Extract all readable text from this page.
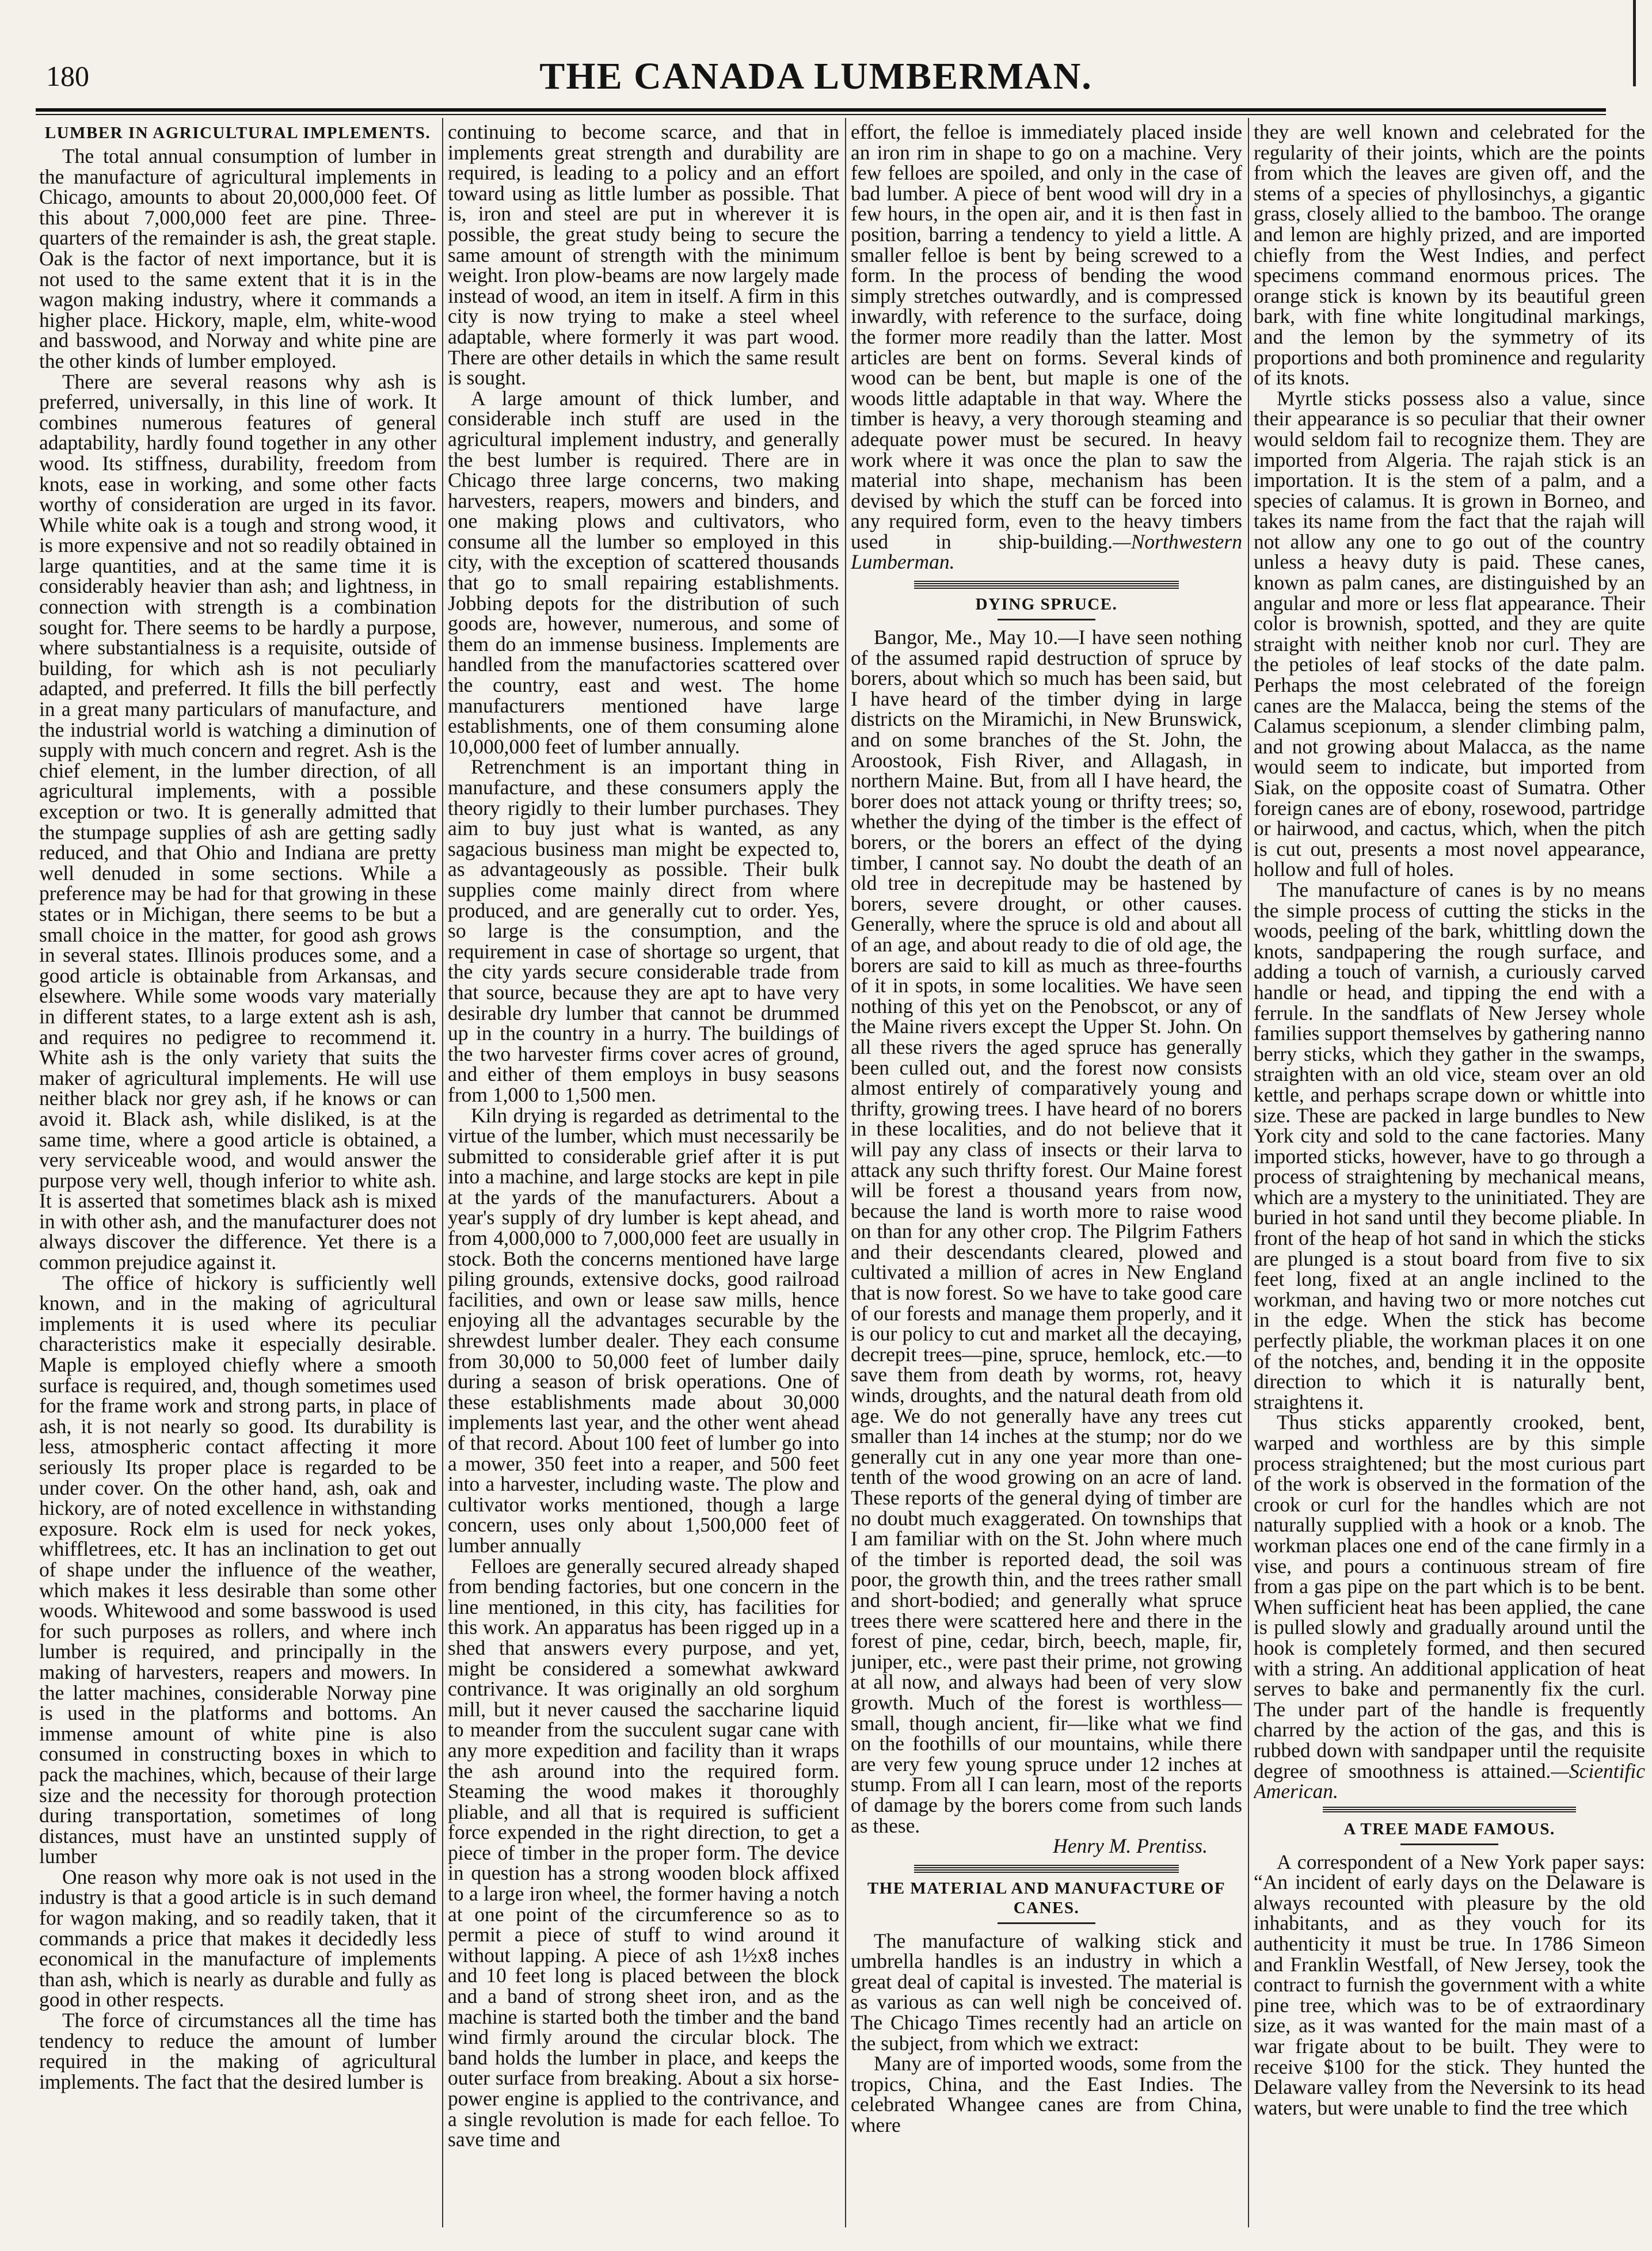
180	THE CANADA LUMBERMAN.
LUMBER IN AGRICULTURAL IMPLEMENTS.

The total annual consumption of lumber in the manufacture of agricultural implements in Chicago, amounts to about 20,000,000 feet. Of this about 7,000,000 feet are pine. Three-quarters of the remainder is ash, the great staple. Oak is the factor of next importance, but it is not used to the same extent that it is in the wagon making industry, where it commands a higher place. Hickory, maple, elm, white-wood and basswood, and Norway and white pine are the other kinds of lumber employed.

There are several reasons why ash is preferred, universally, in this line of work. It combines numerous features of general adaptability, hardly found together in any other wood. Its stiffness, durability, freedom from knots, ease in working, and some other facts worthy of consideration are urged in its favor. While white oak is a tough and strong wood, it is more expensive and not so readily obtained in large quantities, and at the same time it is considerably heavier than ash; and lightness, in connection with strength is a combination sought for. There seems to be hardly a purpose, where substantialness is a requisite, outside of building, for which ash is not peculiarly adapted, and preferred. It fills the bill perfectly in a great many particulars of manufacture, and the industrial world is watching a diminution of supply with much concern and regret. Ash is the chief element, in the lumber direction, of all agricultural implements, with a possible exception or two. It is generally admitted that the stumpage supplies of ash are getting sadly reduced, and that Ohio and Indiana are pretty well denuded in some sections. While a preference may be had for that growing in these states or in Michigan, there seems to be but a small choice in the matter, for good ash grows in several states. Illinois produces some, and a good article is obtainable from Arkansas, and elsewhere. While some woods vary materially in different states, to a large extent ash is ash, and requires no pedigree to recommend it. White ash is the only variety that suits the maker of agricultural implements. He will use neither black nor grey ash, if he knows or can avoid it. Black ash, while disliked, is at the same time, where a good article is obtained, a very serviceable wood, and would answer the purpose very well, though inferior to white ash. It is asserted that sometimes black ash is mixed in with other ash, and the manufacturer does not always discover the difference. Yet there is a common prejudice against it.

The office of hickory is sufficiently well known, and in the making of agricultural implements it is used where its peculiar characteristics make it especially desirable. Maple is employed chiefly where a smooth surface is required, and, though sometimes used for the frame work and strong parts, in place of ash, it is not nearly so good. Its durability is less, atmospheric contact affecting it more seriously Its proper place is regarded to be under cover. On the other hand, ash, oak and hickory, are of noted excellence in withstanding exposure. Rock elm is used for neck yokes, whiffletrees, etc. It has an inclination to get out of shape under the influence of the weather, which makes it less desirable than some other woods. Whitewood and some basswood is used for such purposes as rollers, and where inch lumber is required, and principally in the making of harvesters, reapers and mowers. In the latter machines, considerable Norway pine is used in the platforms and bottoms. An immense amount of white pine is also consumed in constructing boxes in which to pack the machines, which, because of their large size and the necessity for thorough protection during transportation, sometimes of long distances, must have an unstinted supply of lumber

One reason why more oak is not used in the industry is that a good article is in such demand for wagon making, and so readily taken, that it commands a price that makes it decidedly less economical in the manufacture of implements than ash, which is nearly as durable and fully as good in other respects.

The force of circumstances all the time has tendency to reduce the amount of lumber required in the making of agricultural implements. The fact that the desired lumber is

continuing to become scarce, and that in implements great strength and durability are required, is leading to a policy and an effort toward using as little lumber as possible. That is, iron and steel are put in wherever it is possible, the great study being to secure the same amount of strength with the minimum weight. Iron plow-beams are now largely made instead of wood, an item in itself. A firm in this city is now trying to make a steel wheel adaptable, where formerly it was part wood. There are other details in which the same result is sought.

A large amount of thick lumber, and considerable inch stuff are used in the agricultural implement industry, and generally the best lumber is required. There are in Chicago three large concerns, two making harvesters, reapers, mowers and binders, and one making plows and cultivators, who consume all the lumber so employed in this city, with the exception of scattered thousands that go to small repairing establishments. Jobbing depots for the distribution of such goods are, however, numerous, and some of them do an immense business. Implements are handled from the manufactories scattered over the country, east and west. The home manufacturers mentioned have large establishments, one of them consuming alone 10,000,000 feet of lumber annually.

Retrenchment is an important thing in manufacture, and these consumers apply the theory rigidly to their lumber purchases. They aim to buy just what is wanted, as any sagacious business man might be expected to, as advantageously as possible. Their bulk supplies come mainly direct from where produced, and are generally cut to order. Yes, so large is the consumption, and the requirement in case of shortage so urgent, that the city yards secure considerable trade from that source, because they are apt to have very desirable dry lumber that cannot be drummed up in the country in a hurry. The buildings of the two harvester firms cover acres of ground, and either of them employs in busy seasons from 1,000 to 1,500 men.

Kiln drying is regarded as detrimental to the virtue of the lumber, which must necessarily be submitted to considerable grief after it is put into a machine, and large stocks are kept in pile at the yards of the manufacturers. About a year's supply of dry lumber is kept ahead, and from 4,000,000 to 7,000,000 feet are usually in stock. Both the concerns mentioned have large piling grounds, extensive docks, good railroad facilities, and own or lease saw mills, hence enjoying all the advantages securable by the shrewdest lumber dealer. They each consume from 30,000 to 50,000 feet of lumber daily during a season of brisk operations. One of these establishments made about 30,000 implements last year, and the other went ahead of that record. About 100 feet of lumber go into a mower, 350 feet into a reaper, and 500 feet into a harvester, including waste. The plow and cultivator works mentioned, though a large concern, uses only about 1,500,000 feet of lumber annually

Felloes are generally secured already shaped from bending factories, but one concern in the line mentioned, in this city, has facilities for this work. An apparatus has been rigged up in a shed that answers every purpose, and yet, might be considered a somewhat awkward contrivance. It was originally an old sorghum mill, but it never caused the saccharine liquid to meander from the succulent sugar cane with any more expedition and facility than it wraps the ash around into the required form. Steaming the wood makes it thoroughly pliable, and all that is required is sufficient force expended in the right direction, to get a piece of timber in the proper form. The device in question has a strong wooden block affixed to a large iron wheel, the former having a notch at one point of the circumference so as to permit a piece of stuff to wind around it without lapping. A piece of ash 1½x8 inches and 10 feet long is placed between the block and a band of strong sheet iron, and as the machine is started both the timber and the band wind firmly around the circular block. The band holds the lumber in place, and keeps the outer surface from breaking. About a six horse-power engine is applied to the contrivance, and a single revolution is made for each felloe. To save time and

effort, the felloe is immediately placed inside an iron rim in shape to go on a machine. Very few felloes are spoiled, and only in the case of bad lumber. A piece of bent wood will dry in a few hours, in the open air, and it is then fast in position, barring a tendency to yield a little. A smaller felloe is bent by being screwed to a form. In the process of bending the wood simply stretches outwardly, and is compressed inwardly, with reference to the surface, doing the former more readily than the latter. Most articles are bent on forms. Several kinds of wood can be bent, but maple is one of the woods little adaptable in that way. Where the timber is heavy, a very thorough steaming and adequate power must be secured. In heavy work where it was once the plan to saw the material into shape, mechanism has been devised by which the stuff can be forced into any required form, even to the heavy timbers used in ship-building.—Northwestern Lumberman.

DYING SPRUCE.

Bangor, Me., May 10.—I have seen nothing of the assumed rapid destruction of spruce by borers, about which so much has been said, but I have heard of the timber dying in large districts on the Miramichi, in New Brunswick, and on some branches of the St. John, the Aroostook, Fish River, and Allagash, in northern Maine. But, from all I have heard, the borer does not attack young or thrifty trees; so, whether the dying of the timber is the effect of borers, or the borers an effect of the dying timber, I cannot say. No doubt the death of an old tree in decrepitude may be hastened by borers, severe drought, or other causes. Generally, where the spruce is old and about all of an age, and about ready to die of old age, the borers are said to kill as much as three-fourths of it in spots, in some localities. We have seen nothing of this yet on the Penobscot, or any of the Maine rivers except the Upper St. John. On all these rivers the aged spruce has generally been culled out, and the forest now consists almost entirely of comparatively young and thrifty, growing trees. I have heard of no borers in these localities, and do not believe that it will pay any class of insects or their larva to attack any such thrifty forest. Our Maine forest will be forest a thousand years from now, because the land is worth more to raise wood on than for any other crop. The Pilgrim Fathers and their descendants cleared, plowed and cultivated a million of acres in New England that is now forest. So we have to take good care of our forests and manage them properly, and it is our policy to cut and market all the decaying, decrepit trees—pine, spruce, hemlock, etc.—to save them from death by worms, rot, heavy winds, droughts, and the natural death from old age. We do not generally have any trees cut smaller than 14 inches at the stump; nor do we generally cut in any one year more than one-tenth of the wood growing on an acre of land. These reports of the general dying of timber are no doubt much exaggerated. On townships that I am familiar with on the St. John where much of the timber is reported dead, the soil was poor, the growth thin, and the trees rather small and short-bodied; and generally what spruce trees there were scattered here and there in the forest of pine, cedar, birch, beech, maple, fir, juniper, etc., were past their prime, not growing at all now, and always had been of very slow growth. Much of the forest is worthless—small, though ancient, fir—like what we find on the foothills of our mountains, while there are very few young spruce under 12 inches at stump. From all I can learn, most of the reports of damage by the borers come from such lands as these.

Henry M. Prentiss.
THE MATERIAL AND MANUFACTURE OF CANES.

The manufacture of walking stick and umbrella handles is an industry in which a great deal of capital is invested. The material is as various as can well nigh be conceived of. The Chicago Times recently had an article on the subject, from which we extract:

Many are of imported woods, some from the tropics, China, and the East Indies. The celebrated Whangee canes are from China, where

they are well known and celebrated for the regularity of their joints, which are the points from which the leaves are given off, and the stems of a species of phyllosinchys, a gigantic grass, closely allied to the bamboo. The orange and lemon are highly prized, and are imported chiefly from the West Indies, and perfect specimens command enormous prices. The orange stick is known by its beautiful green bark, with fine white longitudinal markings, and the lemon by the symmetry of its proportions and both prominence and regularity of its knots.

Myrtle sticks possess also a value, since their appearance is so peculiar that their owner would seldom fail to recognize them. They are imported from Algeria. The rajah stick is an importation. It is the stem of a palm, and a species of calamus. It is grown in Borneo, and takes its name from the fact that the rajah will not allow any one to go out of the country unless a heavy duty is paid. These canes, known as palm canes, are distinguished by an angular and more or less flat appearance. Their color is brownish, spotted, and they are quite straight with neither knob nor curl. They are the petioles of leaf stocks of the date palm. Perhaps the most celebrated of the foreign canes are the Malacca, being the stems of the Calamus scepionum, a slender climbing palm, and not growing about Malacca, as the name would seem to indicate, but imported from Siak, on the opposite coast of Sumatra. Other foreign canes are of ebony, rosewood, partridge or hairwood, and cactus, which, when the pitch is cut out, presents a most novel appearance, hollow and full of holes.

The manufacture of canes is by no means the simple process of cutting the sticks in the woods, peeling of the bark, whittling down the knots, sandpapering the rough surface, and adding a touch of varnish, a curiously carved handle or head, and tipping the end with a ferrule. In the sandflats of New Jersey whole families support themselves by gathering nanno berry sticks, which they gather in the swamps, straighten with an old vice, steam over an old kettle, and perhaps scrape down or whittle into size. These are packed in large bundles to New York city and sold to the cane factories. Many imported sticks, however, have to go through a process of straightening by mechanical means, which are a mystery to the uninitiated. They are buried in hot sand until they become pliable. In front of the heap of hot sand in which the sticks are plunged is a stout board from five to six feet long, fixed at an angle inclined to the workman, and having two or more notches cut in the edge. When the stick has become perfectly pliable, the workman places it on one of the notches, and, bending it in the opposite direction to which it is naturally bent, straightens it.

Thus sticks apparently crooked, bent, warped and worthless are by this simple process straightened; but the most curious part of the work is observed in the formation of the crook or curl for the handles which are not naturally supplied with a hook or a knob. The workman places one end of the cane firmly in a vise, and pours a continuous stream of fire from a gas pipe on the part which is to be bent. When sufficient heat has been applied, the cane is pulled slowly and gradually around until the hook is completely formed, and then secured with a string. An additional application of heat serves to bake and permanently fix the curl. The under part of the handle is frequently charred by the action of the gas, and this is rubbed down with sandpaper until the requisite degree of smoothness is attained.—Scientific American.

A TREE MADE FAMOUS.

A correspondent of a New York paper says: “An incident of early days on the Delaware is always recounted with pleasure by the old inhabitants, and as they vouch for its authenticity it must be true. In 1786 Simeon and Franklin Westfall, of New Jersey, took the contract to furnish the government with a white pine tree, which was to be of extraordinary size, as it was wanted for the main mast of a war frigate about to be built. They were to receive $100 for the stick. They hunted the Delaware valley from the Neversink to its head waters, but were unable to find the tree which
